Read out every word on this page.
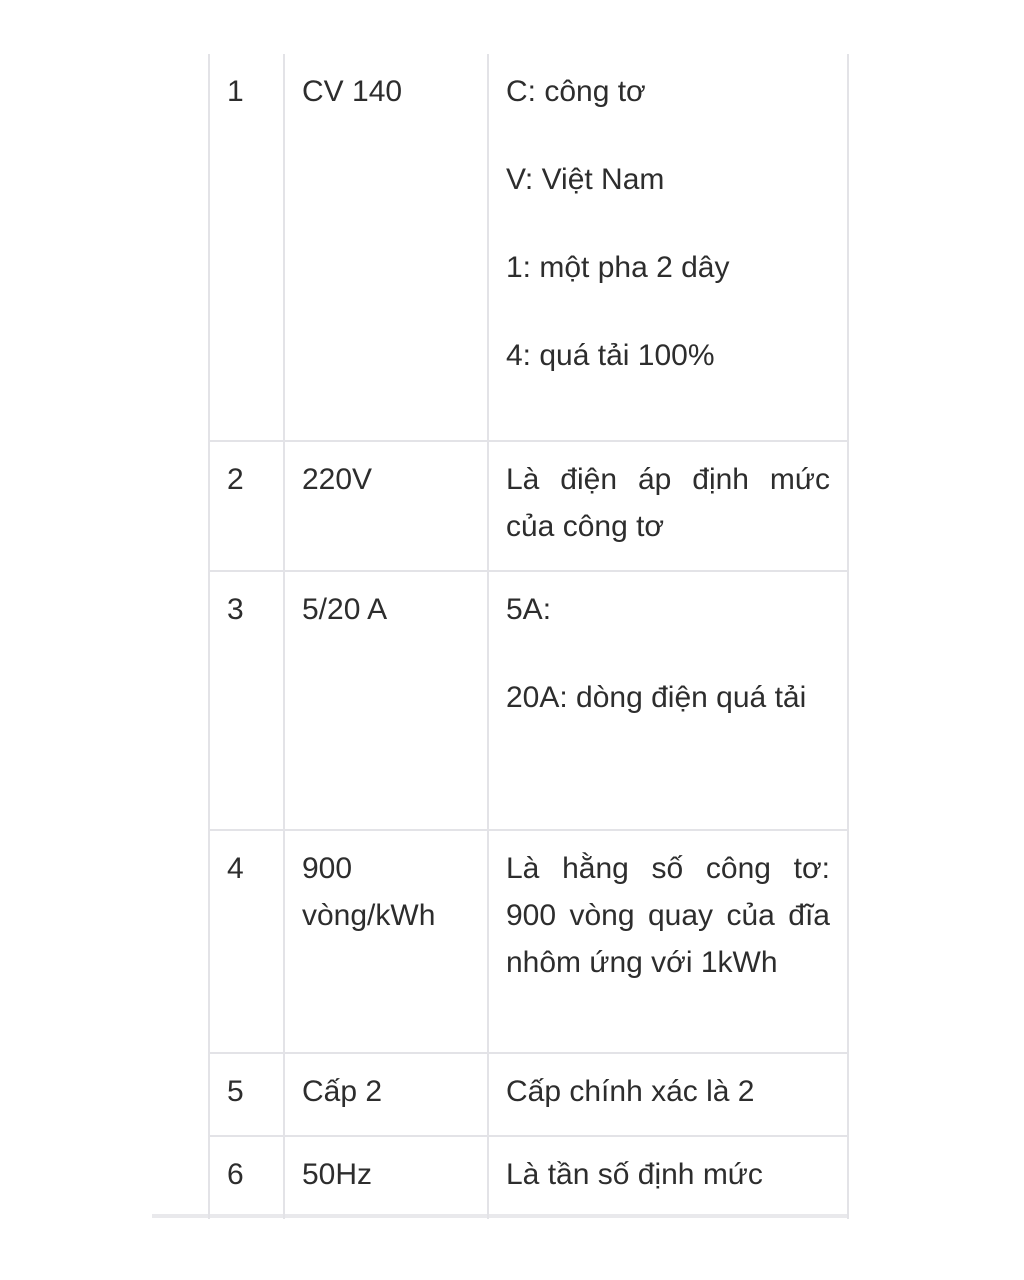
1	CV 140	C: công tơ

V: Việt Nam

1: một pha 2 dây

4: quá tải 100%

2	220V	Là điện áp định mức của công tơ

3	5/20 A	5A:

20A: dòng điện quá tải

4	900 vòng/kWh	Là hằng số công tơ: 900 vòng quay của đĩa nhôm ứng với 1kWh

5	Cấp 2	Cấp chính xác là 2

6	50Hz	Là tần số định mức
